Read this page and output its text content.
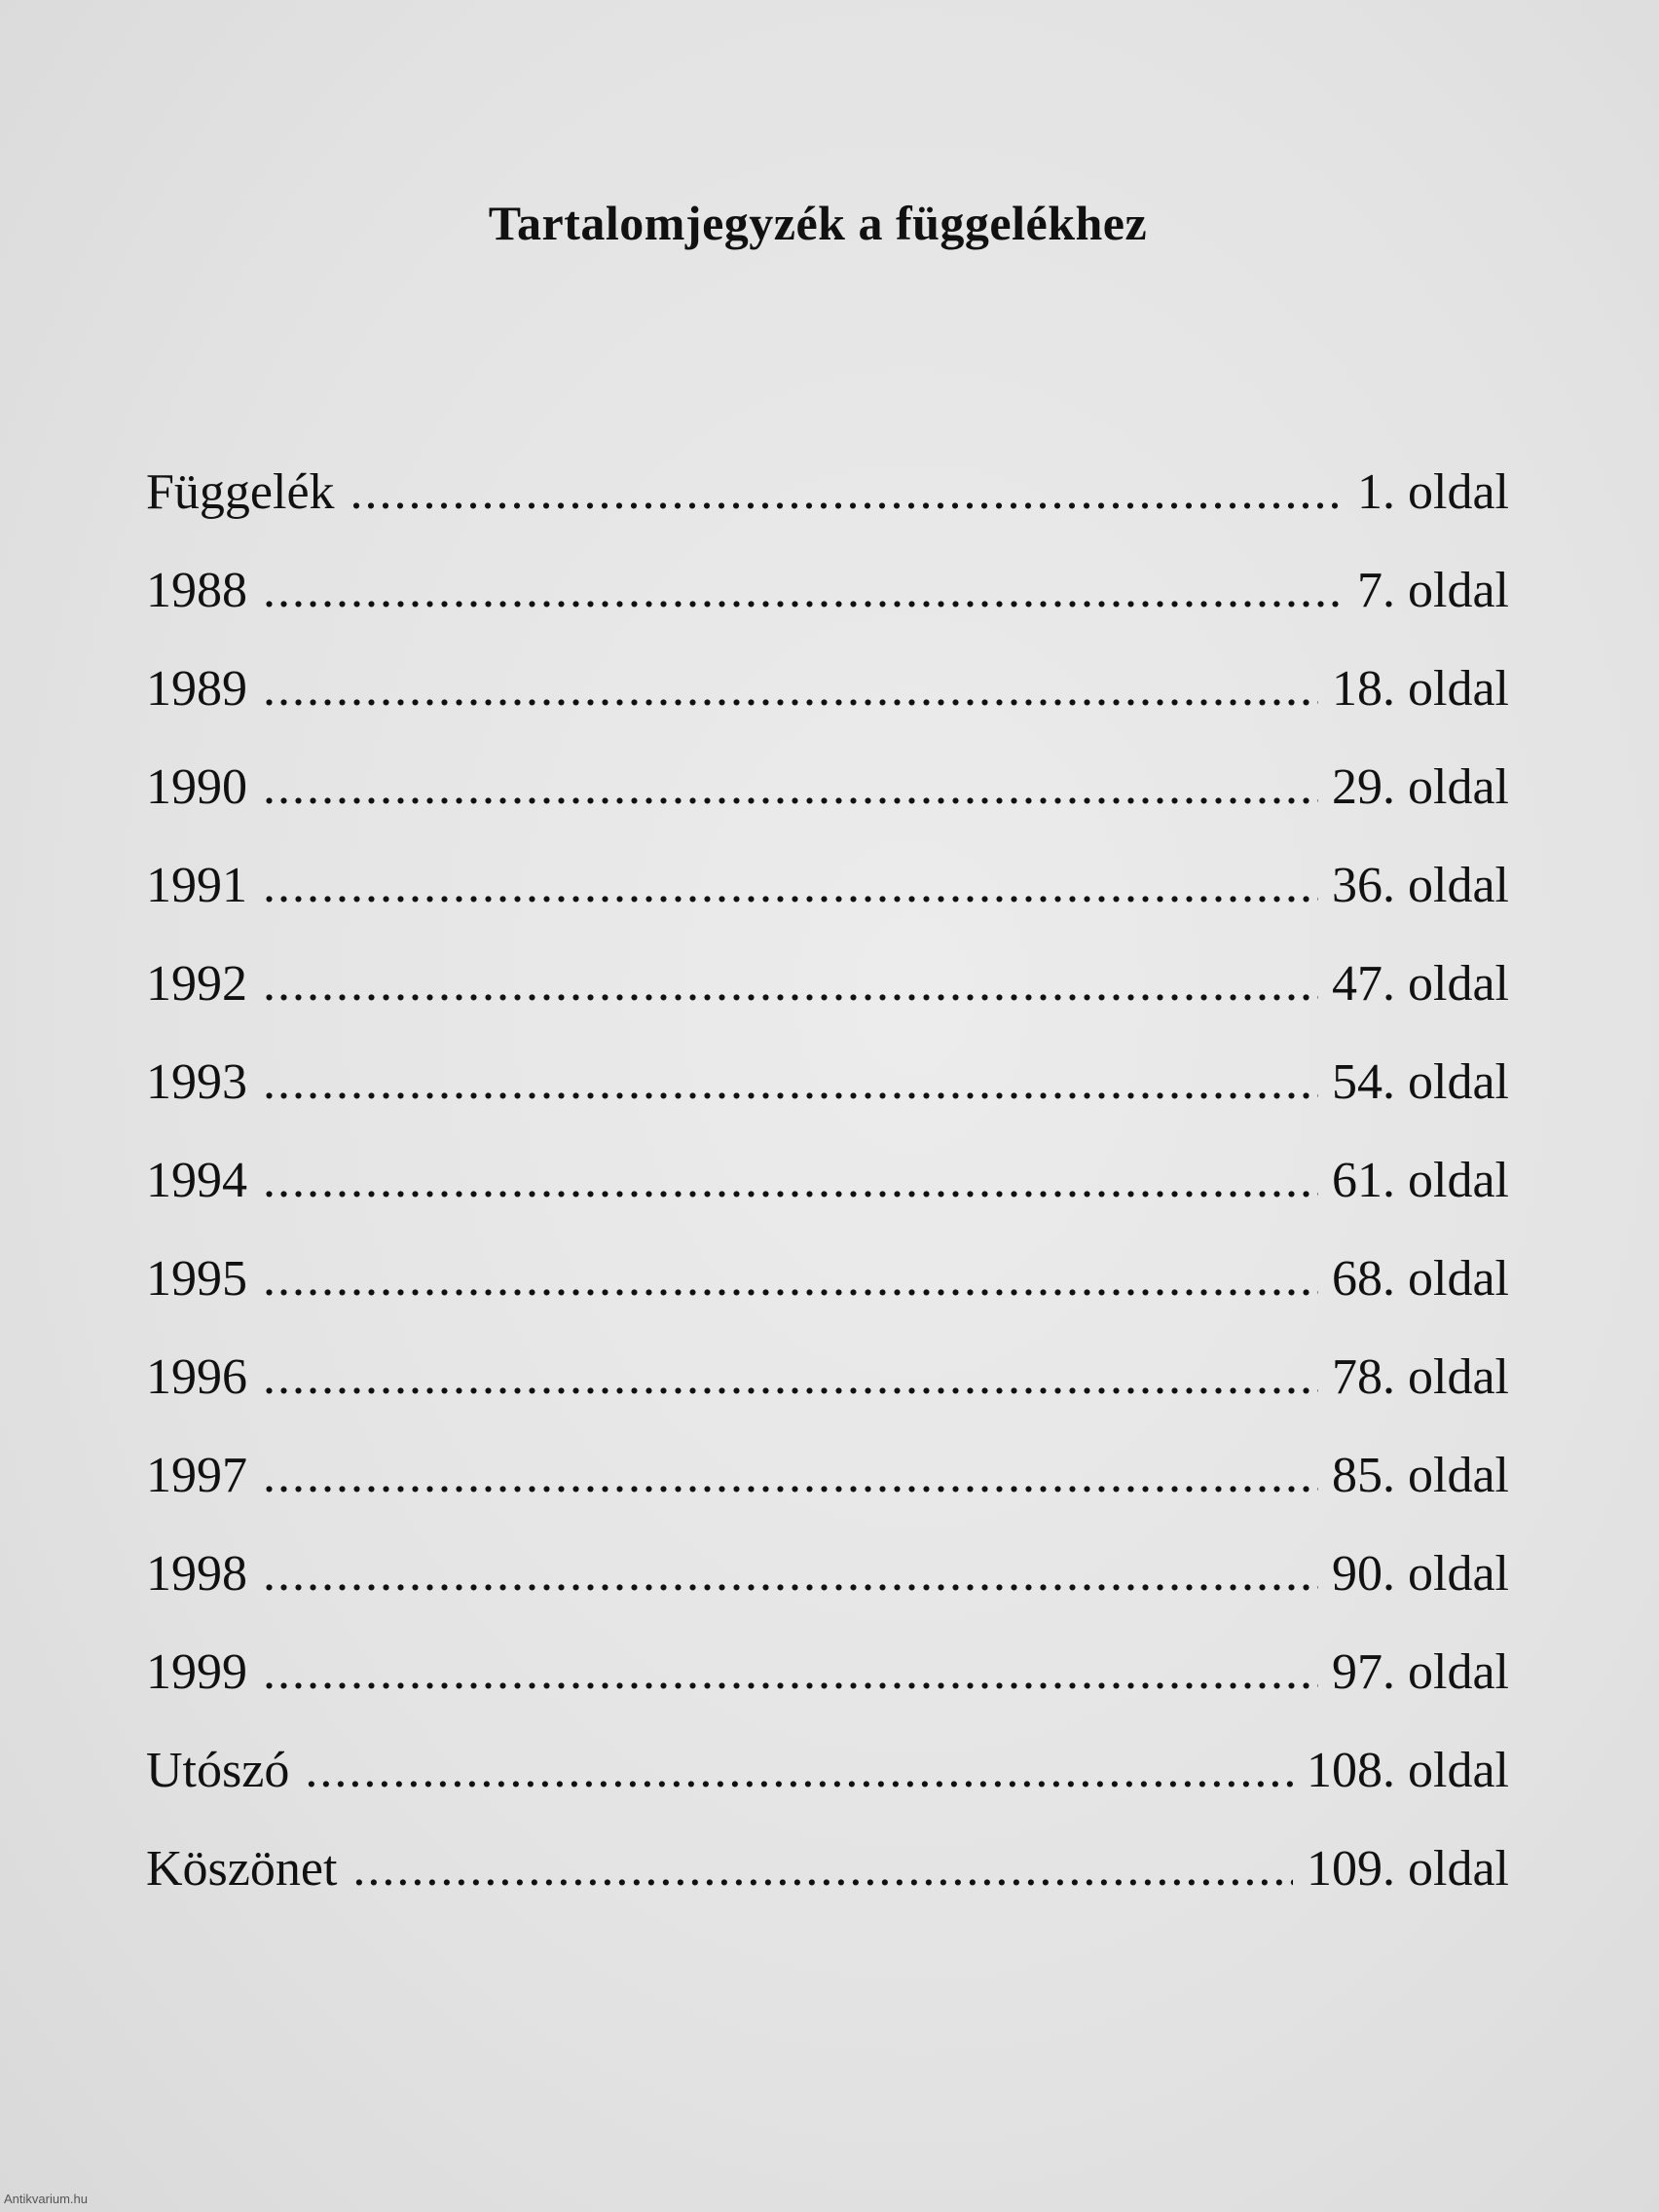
Tartalomjegyzék a függelékhez
Függelék .....	1. oldal
1988 .....	7. oldal
1989 .....	18. oldal
1990 .....	29. oldal
1991 .....	36. oldal
1992 .....	47. oldal
1993 .....	54. oldal
1994 .....	61. oldal
1995 .....	68. oldal
1996 .....	78. oldal
1997 .....	85. oldal
1998 .....	90. oldal
1999 .....	97. oldal
Utószó .....	108. oldal
Köszönet .....	109. oldal
Antikvarium.hu
